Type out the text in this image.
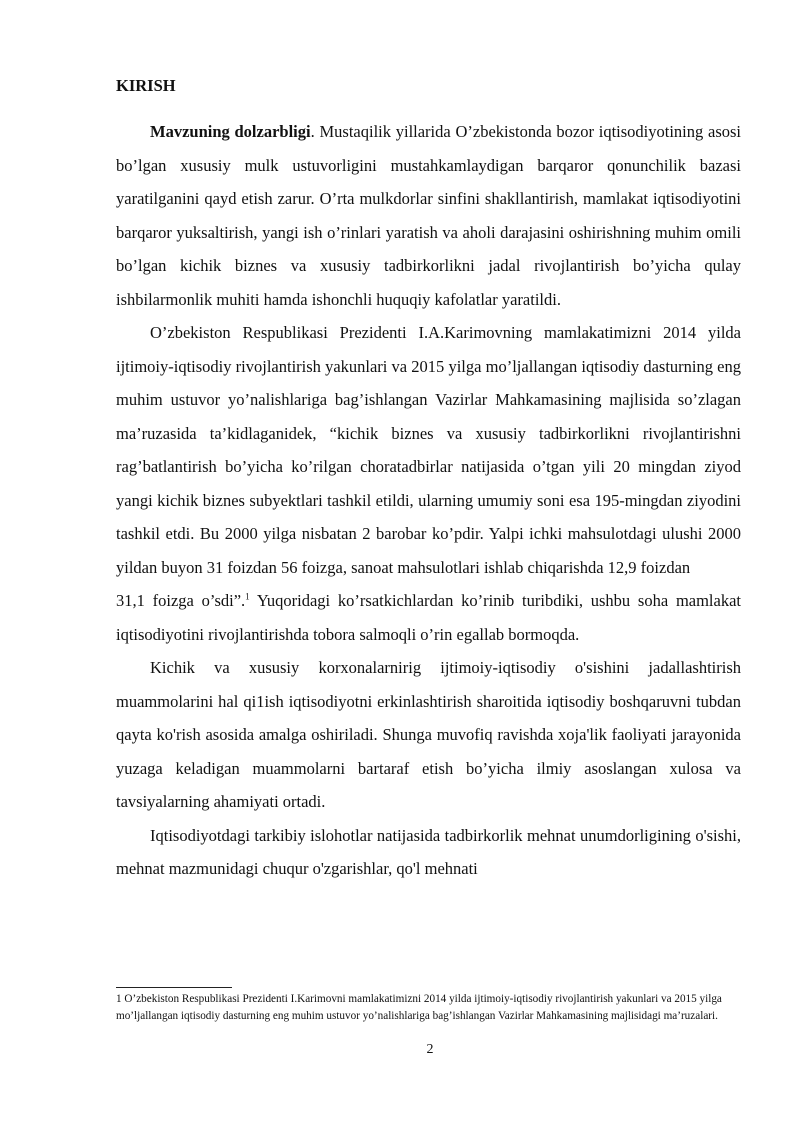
KIRISH

Mavzuning dolzarbligi. Mustaqilik yillarida O’zbekistonda bozor iqtisodiyotining asosi bo’lgan xususiy mulk ustuvorligini mustahkamlaydigan barqaror qonunchilik bazasi yaratilganini qayd etish zarur. O’rta mulkdorlar sinfini shakllantirish, mamlakat iqtisodiyotini barqaror yuksaltirish, yangi ish o’rinlari yaratish va aholi darajasini oshirishning muhim omili bo’lgan kichik biznes va xususiy tadbirkorlikni jadal rivojlantirish bo’yicha qulay ishbilarmonlik muhiti hamda ishonchli huquqiy kafolatlar yaratildi.

O’zbekiston Respublikasi Prezidenti I.A.Karimovning mamlakatimizni 2014 yilda ijtimoiy-iqtisodiy rivojlantirish yakunlari va 2015 yilga mo’ljallangan iqtisodiy dasturning eng muhim ustuvor yo’nalishlariga bag’ishlangan Vazirlar Mahkamasining majlisida so’zlagan ma’ruzasida ta’kidlaganidek, “kichik biznes va xususiy tadbirkorlikni rivojlantirishni rag’batlantirish bo’yicha ko’rilgan choratadbirlar natijasida o’tgan yili 20 mingdan ziyod yangi kichik biznes subyektlari tashkil etildi, ularning umumiy soni esa 195-mingdan ziyodini tashkil etdi. Bu 2000 yilga nisbatan 2 barobar ko’pdir. Yalpi ichki mahsulotdagi ulushi 2000 yildan buyon 31 foizdan 56 foizga, sanoat mahsulotlari ishlab chiqarishda 12,9 foizdan

31,1 foizga o’sdi”.$^1$ Yuqoridagi ko’rsatkichlardan ko’rinib turibdiki, ushbu soha mamlakat iqtisodiyotini rivojlantirishda tobora salmoqli o’rin egallab bormoqda.

Kichik va xususiy korxonalarnirig ijtimoiy-iqtisodiy o'sishini jadallashtirish muammolarini hal qi1ish iqtisodiyotni erkinlashtirish sharoitida iqtisodiy boshqaruvni tubdan qayta ko'rish asosida amalga oshiriladi. Shunga muvofiq ravishda xoja'lik faoliyati jarayonida yuzaga keladigan muammolarni bartaraf etish bo’yicha ilmiy asoslangan xulosa va tavsiyalarning ahamiyati ortadi.

Iqtisodiyotdagi tarkibiy islohotlar natijasida tadbirkorlik mehnat unumdorligining o'sishi, mehnat mazmunidagi chuqur o'zgarishlar, qo'l mehnati

1 O’zbekiston Respublikasi Prezidenti I.Karimovni mamlakatimizni 2014 yilda ijtimoiy-iqtisodiy rivojlantirish yakunlari va 2015 yilga mo’ljallangan iqtisodiy dasturning eng muhim ustuvor yo’nalishlariga bag’ishlangan Vazirlar Mahkamasining majlisidagi ma’ruzalari.

2
